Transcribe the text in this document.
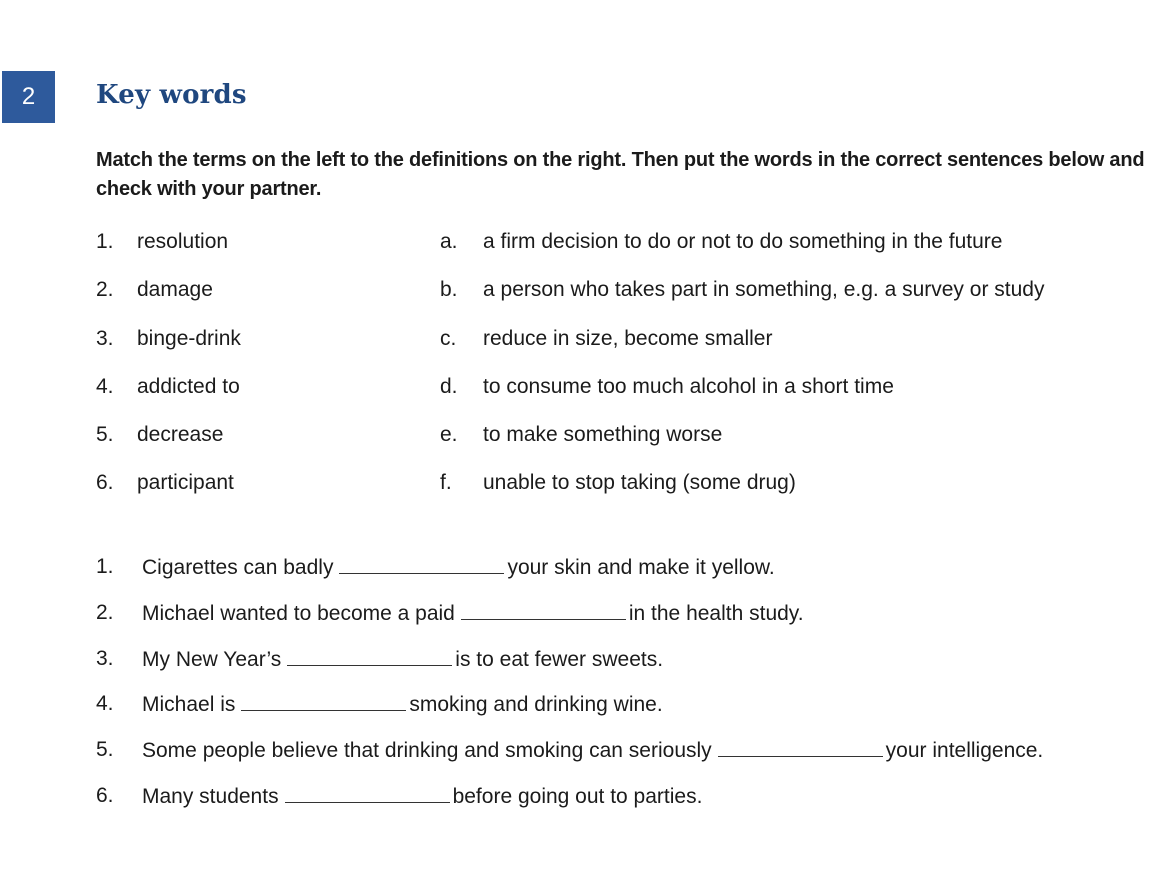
2 Key words

Match the terms on the left to the definitions on the right. Then put the words in the correct sentences below and check with your partner.

1. resolution	a. a firm decision to do or not to do something in the future
2. damage	b. a person who takes part in something, e.g. a survey or study
3. binge-drink	c. reduce in size, become smaller
4. addicted to	d. to consume too much alcohol in a short time
5. decrease	e. to make something worse
6. participant	f. unable to stop taking (some drug)
1. Cigarettes can badly	your skin and make it yellow.
2. Michael wanted to become a paid	in the health study.
3. My New Year’s	is to eat fewer sweets.
4. Michael is	smoking and drinking wine.
5. Some people believe that drinking and smoking can seriously	your intelligence.
6. Many students	before going out to parties.
